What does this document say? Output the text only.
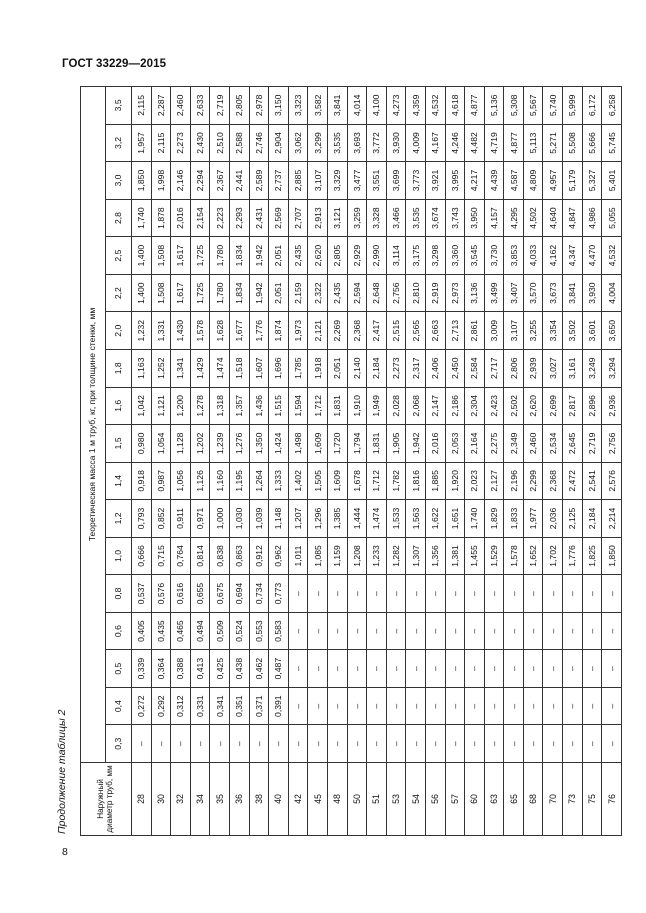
ГОСТ 33229—2015
Продолжение таблицы 2	Наружный диаметр труб, мм	Теоретическая масса 1 м труб, кг, при толщине стенки, мм																	
	0,3	0,4	0,5	0,6	0,8	1,0	1,2	1,4	1,5	1,6	1,8	2,0	2,2	2,5	2,8	3,0	3,2	3,5
28	–	0,272	0,339	0,405	0,537	0,666	0,793	0,918	0,980	1,042	1,163	1,232	1,400	1,400	1,740	1,850	1,957	2,115
30	–	0,292	0,364	0,435	0,576	0,715	0,852	0,987	1,054	1,121	1,252	1,331	1,508	1,508	1,878	1,998	2,115	2,287
32	–	0,312	0,388	0,465	0,616	0,764	0,911	1,056	1,128	1,200	1,341	1,430	1,617	1,617	2,016	2,146	2,273	2,460
34	–	0,331	0,413	0,494	0,655	0,814	0,971	1,126	1,202	1,278	1,429	1,578	1,725	1,725	2,154	2,294	2,430	2,633
35	–	0,341	0,425	0,509	0,675	0,838	1,000	1,160	1,239	1,318	1,474	1,628	1,780	1,780	2,223	2,367	2,510	2,719
36	–	0,351	0,438	0,524	0,694	0,863	1,030	1,195	1,276	1,357	1,518	1,677	1,834	1,834	2,293	2,441	2,588	2,805
38	–	0,371	0,462	0,553	0,734	0,912	1,039	1,264	1,350	1,436	1,607	1,776	1,942	1,942	2,431	2,589	2,746	2,978
40	–	0,391	0,487	0,583	0,773	0,962	1,148	1,333	1,424	1,515	1,696	1,874	2,051	2,051	2,569	2,737	2,904	3,150
42	–	–	–	–	–	1,011	1,207	1,402	1,498	1,594	1,785	1,973	2,159	2,435	2,707	2,885	3,062	3,323
45	–	–	–	–	–	1,085	1,296	1,505	1,609	1,712	1,918	2,121	2,322	2,620	2,913	3,107	3,299	3,582
48	–	–	–	–	–	1,159	1,385	1,609	1,720	1,831	2,051	2,269	2,435	2,805	3,121	3,329	3,535	3,841
50	–	–	–	–	–	1,208	1,444	1,678	1,794	1,910	2,140	2,368	2,594	2,929	3,259	3,477	3,693	4,014
51	–	–	–	–	–	1,233	1,474	1,712	1,831	1,949	2,184	2,417	2,648	2,990	3,328	3,551	3,772	4,100
53	–	–	–	–	–	1,282	1,533	1,782	1,905	2,028	2,273	2,515	2,756	3,114	3,466	3,699	3,930	4,273
54	–	–	–	–	–	1,307	1,563	1,816	1,942	2,068	2,317	2,565	2,810	3,175	3,535	3,773	4,009	4,359
56	–	–	–	–	–	1,356	1,622	1,885	2,016	2,147	2,406	2,663	2,919	3,298	3,674	3,921	4,167	4,532
57	–	–	–	–	–	1,381	1,651	1,920	2,053	2,186	2,450	2,713	2,973	3,360	3,743	3,995	4,246	4,618
60	–	–	–	–	–	1,455	1,740	2,023	2,164	2,304	2,584	2,861	3,136	3,545	3,950	4,217	4,482	4,877
63	–	–	–	–	–	1,529	1,829	2,127	2,275	2,423	2,717	3,009	3,499	3,730	4,157	4,439	4,719	5,136
65	–	–	–	–	–	1,578	1,833	2,196	2,349	2,502	2,806	3,107	3,407	3,853	4,295	4,587	4,877	5,308
68	–	–	–	–	–	1,652	1,977	2,299	2,460	2,620	2,939	3,255	3,570	4,033	4,502	4,809	5,113	5,567
70	–	–	–	–	–	1,702	2,036	2,368	2,534	2,699	3,027	3,354	3,673	4,162	4,640	4,957	5,271	5,740
73	–	–	–	–	–	1,776	2,125	2,472	2,645	2,817	3,161	3,502	3,841	4,347	4,847	5,179	5,508	5,999
75	–	–	–	–	–	1,825	2,184	2,541	2,719	2,896	3,249	3,601	3,930	4,470	4,986	5,327	5,666	6,172
76	–	–	–	–	–	1,850	2,214	2,576	2,756	2,936	3,294	3,650	4,004	4,532	5,055	5,401	5,745	6,258
8
